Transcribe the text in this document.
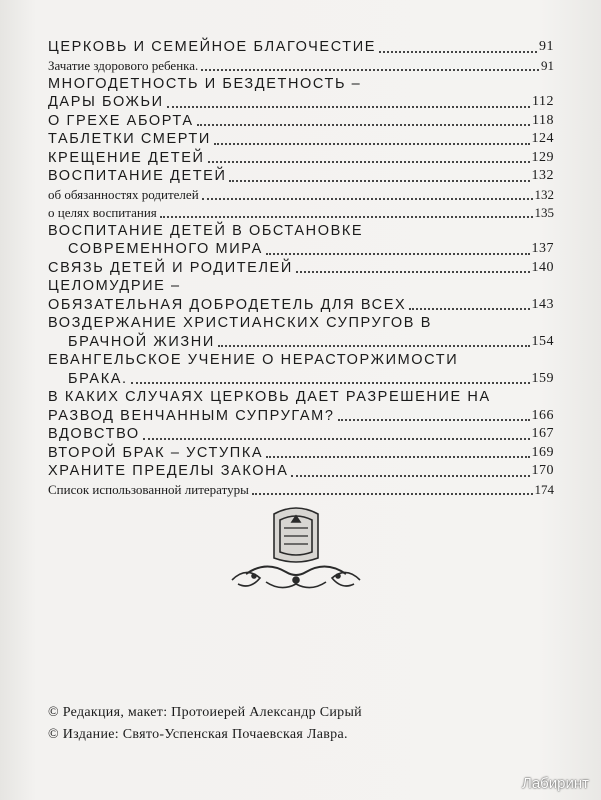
ЦЕРКОВЬ И СЕМЕЙНОЕ БЛАГОЧЕСТИЕ	91
Зачатие здорового ребенка.	91
МНОГОДЕТНОСТЬ И БЕЗДЕТНОСТЬ –
ДАРЫ БОЖЬИ	112
О ГРЕХЕ АБОРТА	118
ТАБЛЕТКИ СМЕРТИ	124
КРЕЩЕНИЕ ДЕТЕЙ	129
ВОСПИТАНИЕ ДЕТЕЙ	132
об обязанностях родителей	132
о целях воспитания	135
ВОСПИТАНИЕ ДЕТЕЙ В ОБСТАНОВКЕ
СОВРЕМЕННОГО МИРА	137
СВЯЗЬ ДЕТЕЙ И РОДИТЕЛЕЙ	140
ЦЕЛОМУДРИЕ –
ОБЯЗАТЕЛЬНАЯ ДОБРОДЕТЕЛЬ ДЛЯ ВСЕХ	143
ВОЗДЕРЖАНИЕ ХРИСТИАНСКИХ СУПРУГОВ В
БРАЧНОЙ ЖИЗНИ	154
ЕВАНГЕЛЬСКОЕ УЧЕНИЕ О НЕРАСТОРЖИМОСТИ
БРАКА.	159
В КАКИХ СЛУЧАЯХ ЦЕРКОВЬ ДАЕТ РАЗРЕШЕНИЕ НА
РАЗВОД ВЕНЧАННЫМ СУПРУГАМ?	166
ВДОВСТВО	167
ВТОРОЙ БРАК – УСТУПКА	169
ХРАНИТЕ ПРЕДЕЛЫ ЗАКОНА	170
Список использованной литературы	174
© Редакция, макет: Протоиерей Александр Сирый
© Издание: Свято-Успенская Почаевская Лавра.
Лабиринт
